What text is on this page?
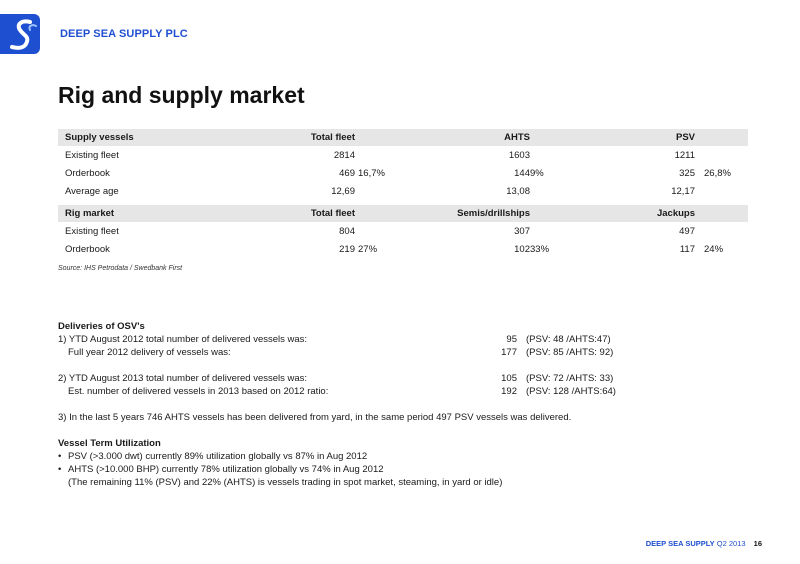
DEEP SEA SUPPLY PLC
Rig and supply market
Supply vessels	Total fleet	AHTS	PSV
Existing fleet	2814	1603	1211
Orderbook	469 16,7%	144 9%	325 26,8%
Average age	12,69	13,08	12,17
Rig market	Total fleet	Semis/drillships	Jackups
Existing fleet	804	307	497
Orderbook	219 27%	102 33%	117 24%
Source: IHS Petrodata / Swedbank First
Deliveries of OSV's
1) YTD August 2012 total number of delivered vessels was:	95 (PSV: 48 /AHTS:47)
Full year 2012 delivery of vessels was:	177 (PSV: 85 /AHTS: 92)
2) YTD August 2013 total number of delivered vessels was:	105 (PSV: 72 /AHTS: 33)
Est. number of delivered vessels in 2013 based on 2012 ratio:	192 (PSV: 128 /AHTS:64)
3) In the last 5 years 746 AHTS vessels has been delivered from yard, in the same period 497 PSV vessels was delivered.
Vessel Term Utilization
• PSV (>3.000 dwt) currently 89% utilization globally vs 87% in Aug 2012
• AHTS (>10.000 BHP) currently 78% utilization globally vs 74% in Aug 2012
(The remaining 11% (PSV) and 22% (AHTS) is vessels trading in spot market, steaming, in yard or idle)
DEEP SEA SUPPLY Q2 2013 16
